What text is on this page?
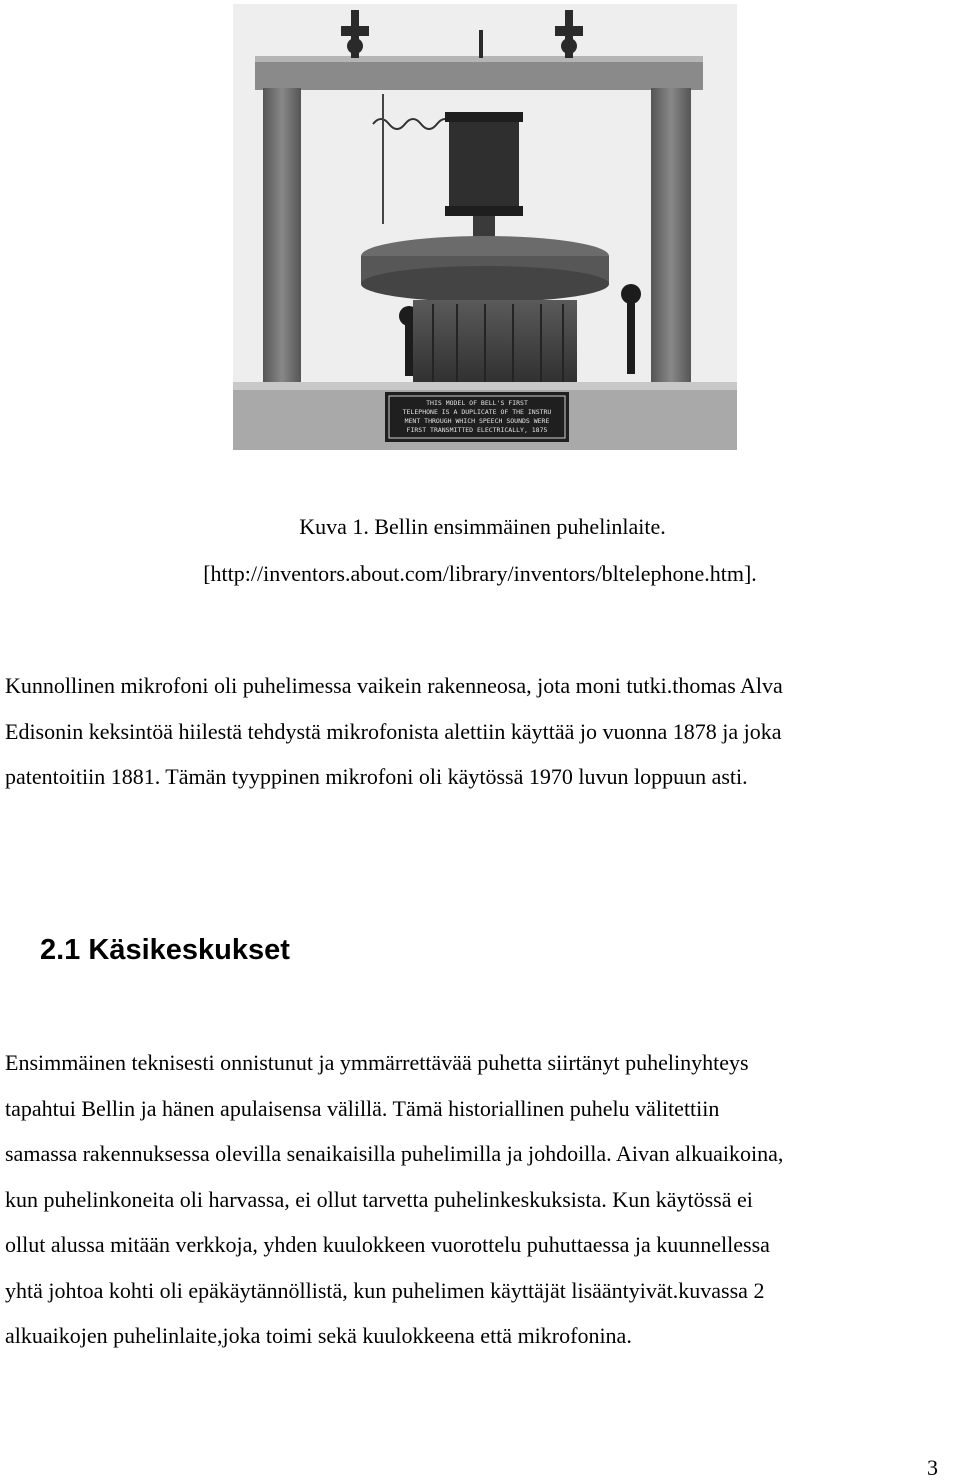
THIS MODEL OF BELL'S FIRST
TELEPHONE IS A DUPLICATE OF THE INSTRU
MENT THROUGH WHICH SPEECH SOUNDS WERE
FIRST TRANSMITTED ELECTRICALLY, 1875
Kuva 1. Bellin ensimmäinen puhelinlaite.
[http://inventors.about.com/library/inventors/bltelephone.htm].

Kunnollinen mikrofoni oli puhelimessa vaikein rakenneosa, jota moni tutki.thomas Alva
Edisonin keksintöä hiilestä tehdystä mikrofonista alettiin käyttää jo vuonna 1878 ja joka
patentoitiin 1881. Tämän tyyppinen mikrofoni oli käytössä 1970 luvun loppuun asti.

2.1 Käsikeskukset

Ensimmäinen teknisesti onnistunut ja ymmärrettävää puhetta siirtänyt puhelinyhteys
tapahtui Bellin ja hänen apulaisensa välillä. Tämä historiallinen puhelu välitettiin
samassa rakennuksessa olevilla senaikaisilla puhelimilla ja johdoilla. Aivan alkuaikoina,
kun puhelinkoneita oli harvassa, ei ollut tarvetta puhelinkeskuksista. Kun käytössä ei
ollut alussa mitään verkkoja, yhden kuulokkeen vuorottelu puhuttaessa ja kuunnellessa
yhtä johtoa kohti oli epäkäytännöllistä, kun puhelimen käyttäjät lisääntyivät.kuvassa 2
alkuaikojen puhelinlaite,joka toimi sekä kuulokkeena että mikrofonina.

3
